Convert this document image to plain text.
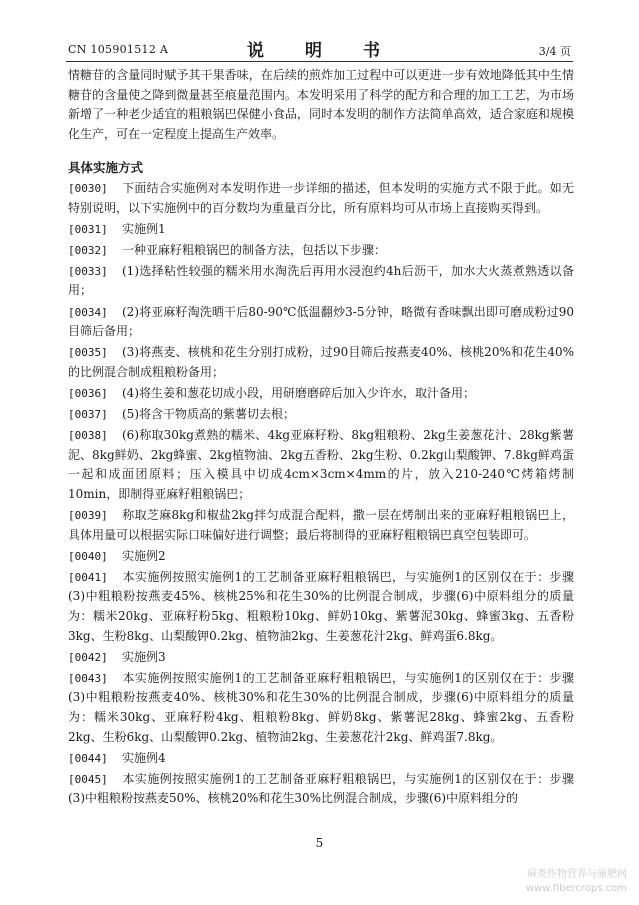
CN 105901512 A	说　明　书	3/4 页

情糖苷的含量同时赋予其干果香味，在后续的煎炸加工过程中可以更进一步有效地降低其中生情糖苷的含量使之降到微量甚至痕量范围内。本发明采用了科学的配方和合理的加工工艺，为市场新增了一种老少适宜的粗粮锅巴保健小食品，同时本发明的制作方法简单高效，适合家庭和规模化生产，可在一定程度上提高生产效率。

具体实施方式
[0030] 下面结合实施例对本发明作进一步详细的描述，但本发明的实施方式不限于此。如无特别说明，以下实施例中的百分数均为重量百分比，所有原料均可从市场上直接购买得到。
[0031] 实施例1
[0032] 一种亚麻籽粗粮锅巴的制备方法，包括以下步骤：
[0033] (1)选择粘性较强的糯米用水淘洗后再用水浸泡约4h后沥干，加水大火蒸煮熟透以备用；
[0034] (2)将亚麻籽淘洗晒干后80-90℃低温翻炒3-5分钟，略微有香味飘出即可磨成粉过90目筛后备用；
[0035] (3)将燕麦、核桃和花生分别打成粉，过90目筛后按燕麦40%、核桃20%和花生40%的比例混合制成粗粮粉备用；
[0036] (4)将生姜和葱花切成小段，用研磨磨碎后加入少许水，取汁备用；
[0037] (5)将含干物质高的紫薯切去根；
[0038] (6)称取30kg煮熟的糯米、4kg亚麻籽粉、8kg粗粮粉、2kg生姜葱花汁、28kg紫薯泥、8kg鲜奶、2kg蜂蜜、2kg植物油、2kg五香粉、2kg生粉、0.2kg山梨酸钾、7.8kg鲜鸡蛋一起和成面团原料；压入模具中切成4cm×3cm×4mm的片，放入210-240℃烤箱烤制10min，即制得亚麻籽粗粮锅巴；
[0039] 称取芝麻8kg和椒盐2kg拌匀成混合配料，撒一层在烤制出来的亚麻籽粗粮锅巴上，具体用量可以根据实际口味偏好进行调整；最后将制得的亚麻籽粗粮锅巴真空包装即可。
[0040] 实施例2
[0041] 本实施例按照实施例1的工艺制备亚麻籽粗粮锅巴，与实施例1的区别仅在于：步骤(3)中粗粮粉按燕麦45%、核桃25%和花生30%的比例混合制成，步骤(6)中原料组分的质量为：糯米20kg、亚麻籽粉5kg、粗粮粉10kg、鲜奶10kg、紫薯泥30kg、蜂蜜3kg、五香粉3kg、生粉8kg、山梨酸钾0.2kg、植物油2kg、生姜葱花汁2kg、鲜鸡蛋6.8kg。
[0042] 实施例3
[0043] 本实施例按照实施例1的工艺制备亚麻籽粗粮锅巴，与实施例1的区别仅在于：步骤(3)中粗粮粉按燕麦40%、核桃30%和花生30%的比例混合制成，步骤(6)中原料组分的质量为：糯米30kg、亚麻籽粉4kg、粗粮粉8kg、鲜奶8kg、紫薯泥28kg、蜂蜜2kg、五香粉2kg、生粉6kg、山梨酸钾0.2kg、植物油2kg、生姜葱花汁2kg、鲜鸡蛋7.8kg。
[0044] 实施例4
[0045] 本实施例按照实施例1的工艺制备亚麻籽粗粮锅巴，与实施例1的区别仅在于：步骤(3)中粗粮粉按燕麦50%、核桃20%和花生30%比例混合制成，步骤(6)中原料组分的
5
麻类作物营养与施肥网
www.fibercrops.com
